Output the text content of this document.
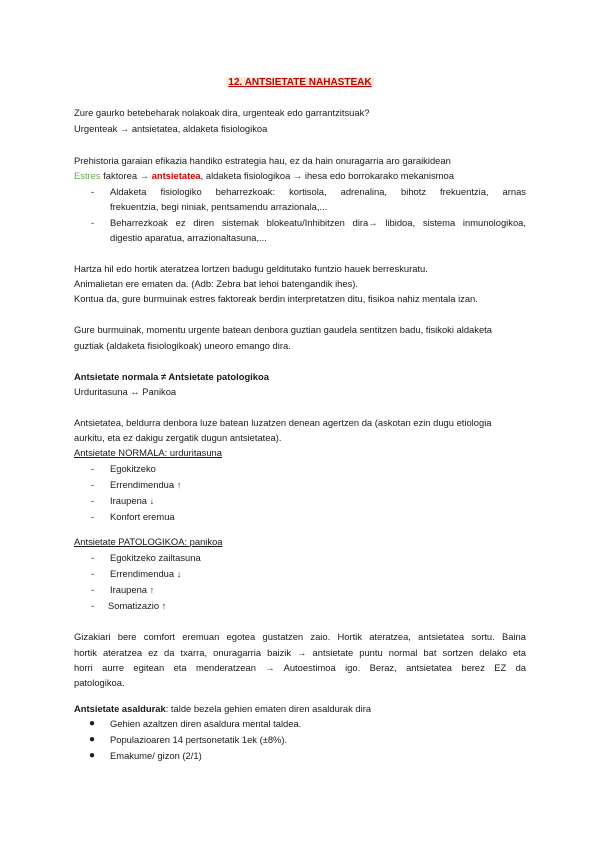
12. ANTSIETATE NAHASTEAK
Zure gaurko betebeharak nolakoak dira, urgenteak edo garrantzitsuak?
Urgenteak → antsietatea, aldaketa fisiologikoa
Prehistoria garaian efikazia handiko estrategia hau, ez da hain onuragarria aro garaikidean
Estres faktorea → antsietatea, aldaketa fisiologikoa → ihesa edo borrokarako mekanismoa
- Aldaketa fisiologiko beharrezkoak: kortisola, adrenalina, bihotz frekuentzia, arnas
frekuentzia, begi niniak, pentsamendu arrazionala,...
- Beharrezkoak ez diren sistemak blokeatu/Inhibitzen dira→ libidoa, sistema inmunologikoa,
digestio aparatua, arrazionaltasuna,...
Hartza hil edo hortik ateratzea lortzen badugu gelditutako funtzio hauek berreskuratu.
Animalietan ere ematen da. (Adb: Zebra bat lehoi batengandik ihes).
Kontua da, gure burmuinak estres faktoreak berdin interpretatzen ditu, fisikoa nahiz mentala izan.
Gure burmuinak, momentu urgente batean denbora guztian gaudela sentitzen badu, fisikoki aldaketa
guztiak (aldaketa fisiologikoak) uneoro emango dira.
Antsietate normala ≠ Antsietate patologikoa
Urduritasuna ↔ Panikoa
Antsietatea, beldurra denbora luze batean luzatzen denean agertzen da (askotan ezin dugu etiologia
aurkitu, eta ez dakigu zergatik dugun antsietatea).
Antsietate NORMALA: urduritasuna
- Egokitzeko
- Errendimendua ↑
- Iraupena ↓
- Konfort eremua
Antsietate PATOLOGIKOA: panikoa
- Egokitzeko zailtasuna
- Errendimendua ↓
- Iraupena ↑
- Somatizazio ↑
Gizakiari bere comfort eremuan egotea gustatzen zaio. Hortik ateratzea, antsietatea sortu. Baina
hortik ateratzea ez da txarra, onuragarria baizik → antsietate puntu normal bat sortzen delako eta
horri aurre egitean eta menderatzean → Autoestimoa igo. Beraz, antsietatea berez EZ da
patologikoa.
Antsietate asaldurak: talde bezela gehien ematen diren asaldurak dira
● Gehien azaltzen diren asaldura mental taldea.
● Populazioaren 14 pertsonetatik 1ek (±8%).
● Emakume/ gizon (2/1)
